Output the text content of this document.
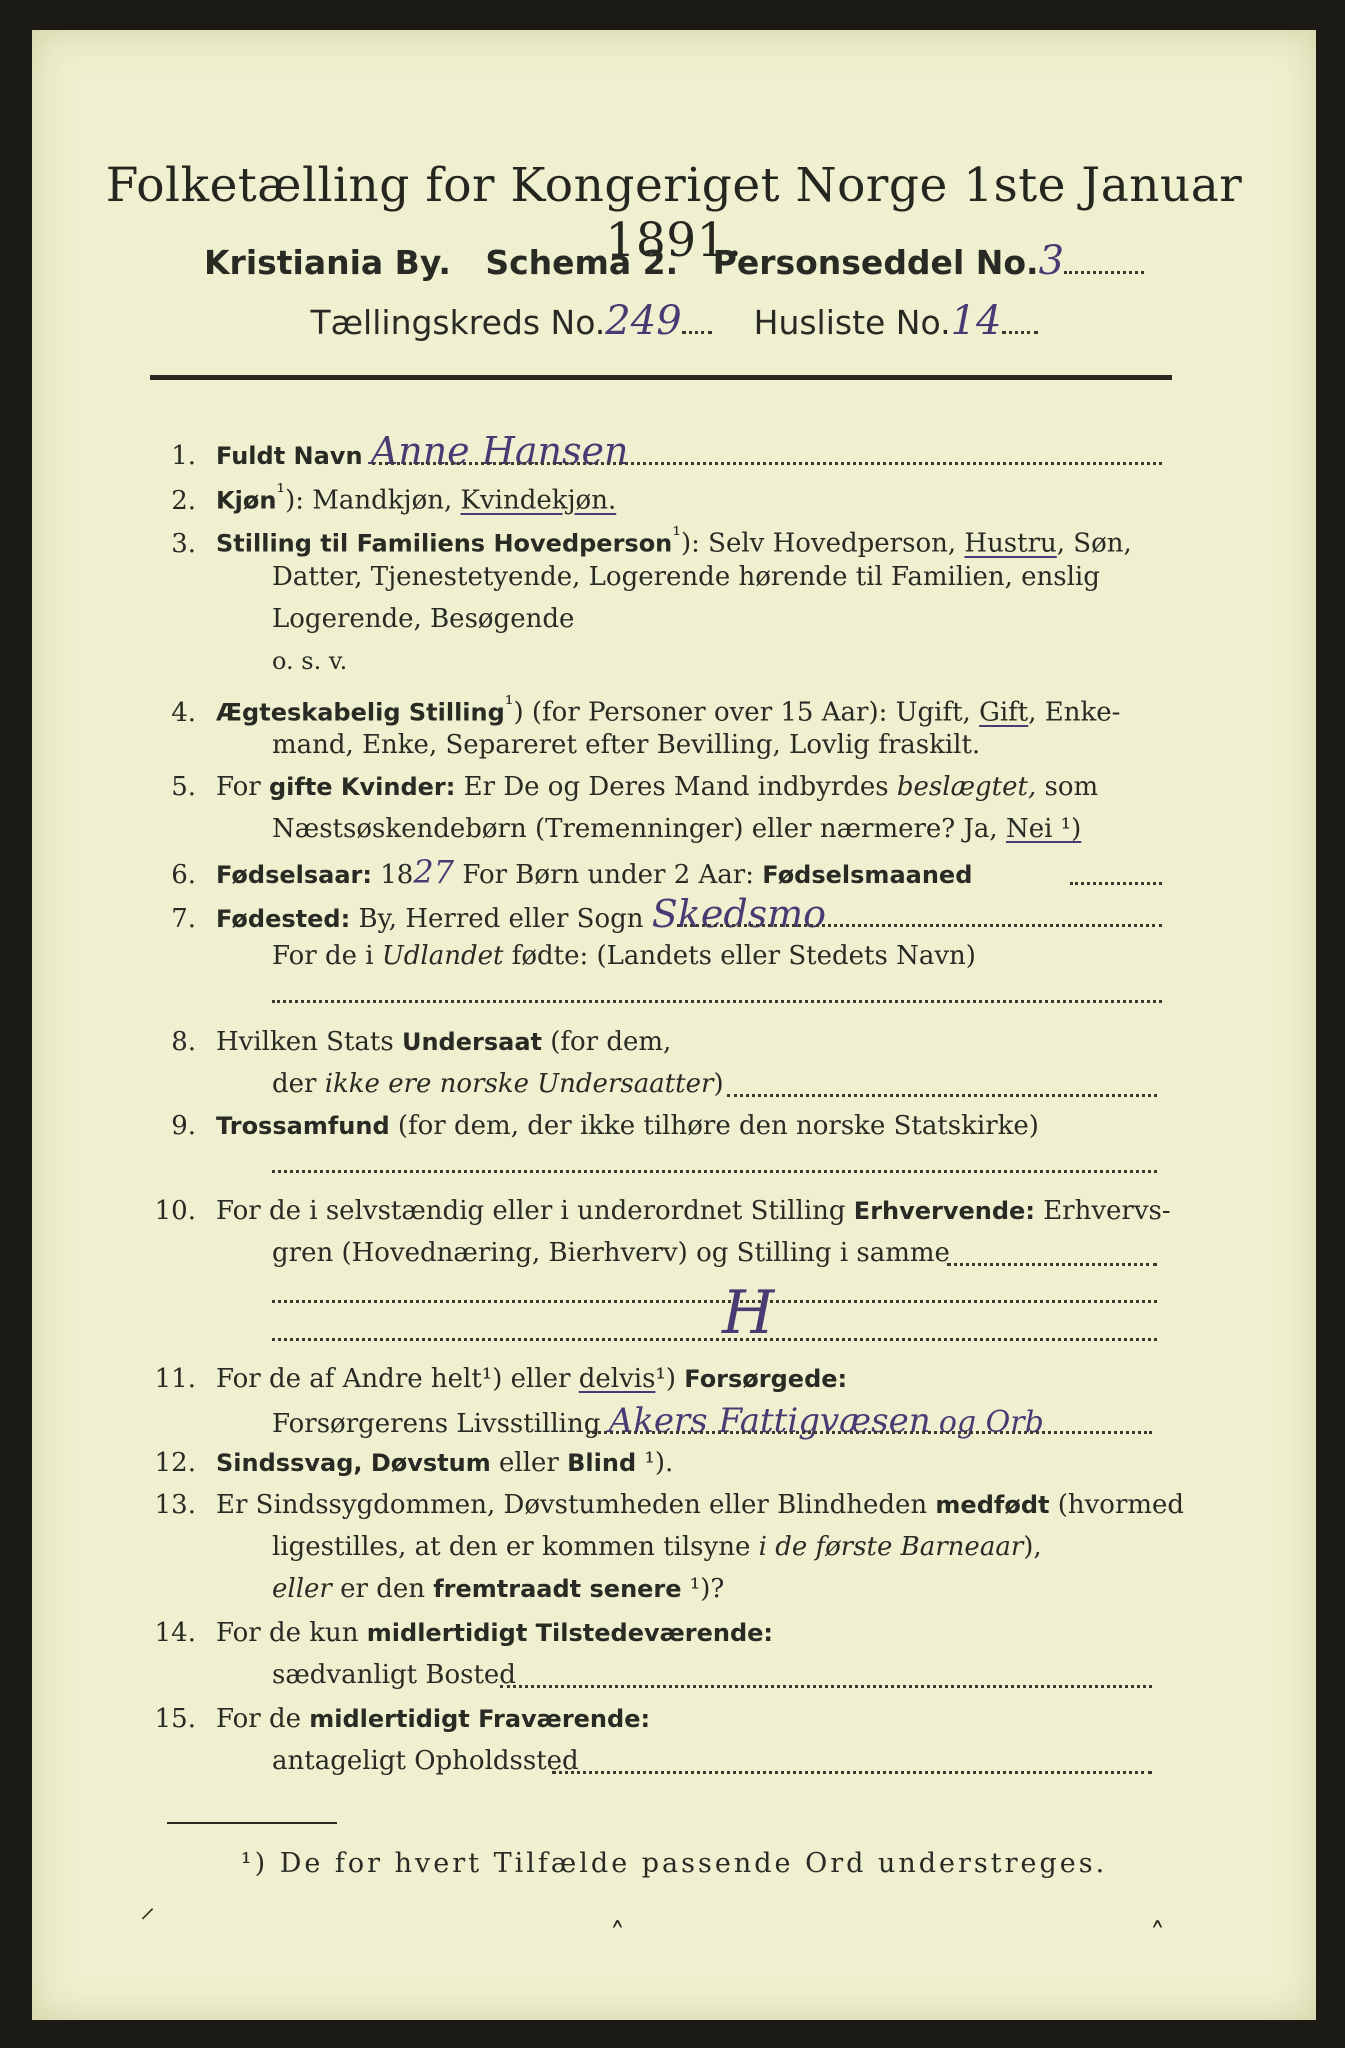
Folketælling for Kongeriget Norge 1ste Januar 1891.
Kristiania By. Schema 2. Personseddel No.3
Tællingskreds No.249 Husliste No.14
1. Fuldt Navn Anne Hansen
2. Kjøn$^{^1}$): Mandkjøn, Kvindekjøn.
3. Stilling til Familiens Hovedperson$^{^1}$): Selv Hovedperson, Hustru, Søn,
Datter, Tjenestetyende, Logerende hørende til Familien, enslig
Logerende, Besøgende
o. s. v.
4. Ægteskabelig Stilling$^{^1}$) (for Personer over 15 Aar): Ugift, Gift, Enke-
mand, Enke, Separeret efter Bevilling, Lovlig fraskilt.
5. For gifte Kvinder: Er De og Deres Mand indbyrdes beslægtet, som
Næstsøskendebørn (Tremenninger) eller nærmere? Ja, Nei ¹)
6. Fødselsaar: 1827 For Børn under 2 Aar: Fødselsmaaned
7. Fødested: By, Herred eller Sogn Skedsmo
For de i Udlandet fødte: (Landets eller Stedets Navn)
8. Hvilken Stats Undersaat (for dem,
der ikke ere norske Undersaatter)
9. Trossamfund (for dem, der ikke tilhøre den norske Statskirke)
10. For de i selvstændig eller i underordnet Stilling Erhvervende: Erhvervs-
gren (Hovednæring, Bierhverv) og Stilling i samme
H
11. For de af Andre helt¹) eller delvis¹) Forsørgede:
Forsørgerens Livsstilling Akers Fattigvæsen og Orb
12. Sindssvag, Døvstum eller Blind ¹).
13. Er Sindssygdommen, Døvstumheden eller Blindheden medfødt (hvormed
ligestilles, at den er kommen tilsyne i de første Barneaar),
eller er den fremtraadt senere ¹)?
14. For de kun midlertidigt Tilstedeværende:
sædvanligt Bosted
15. For de midlertidigt Fraværende:
antageligt Opholdssted
¹) De for hvert Tilfælde passende Ord understreges.
⸝	˰	˰
